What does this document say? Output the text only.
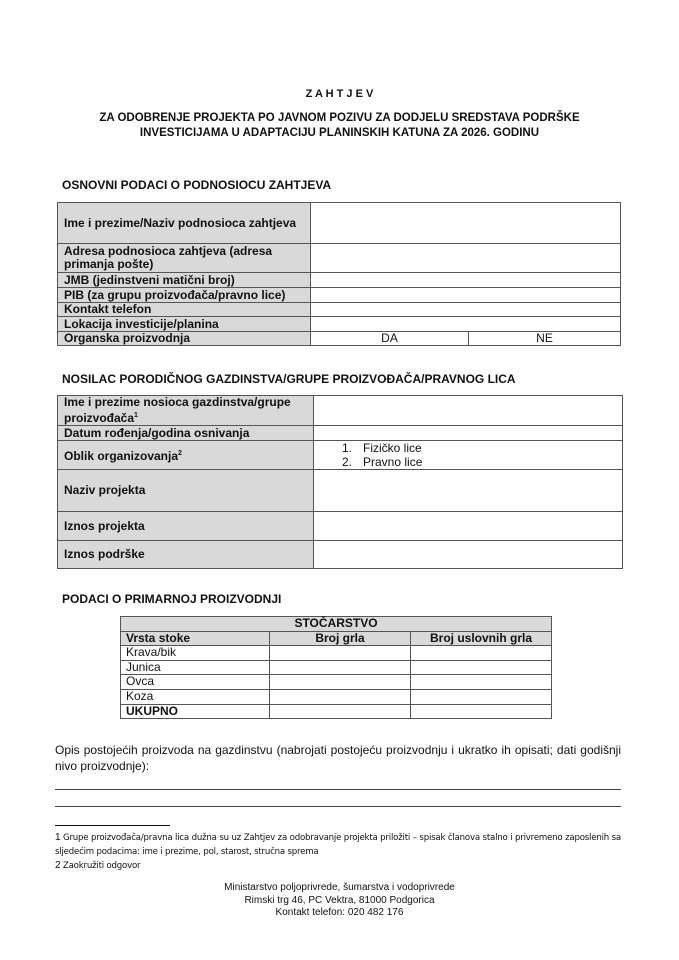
Z A H T J E V
ZA ODOBRENJE PROJEKTA PO JAVNOM POZIVU ZA DODJELU SREDSTAVA PODRŠKE
INVESTICIJAMA U ADAPTACIJU PLANINSKIH KATUNA ZA 2026. GODINU
OSNOVNI PODACI O PODNOSIOCU ZAHTJEVA
Ime i prezime/Naziv podnosioca zahtjeva		
Adresa podnosioca zahtjeva (adresa primanja pošte)		
JMB (jedinstveni matični broj)		

PIB (za grupu proizvođača/pravno lice)		

Kontakt telefon		
Lokacija investicije/planina		
Organska proizvodnja	DA	NE
NOSILAC PORODIČNOG GAZDINSTVA/GRUPE PROIZVOĐAČA/PRAVNOG LICA
Ime i prezime nosioca gazdinstva/grupe proizvođača$^1$	
Datum rođenja/godina osnivanja	
Oblik organizovanja$^2$	1. Fizičko lice
2. Pravno lice

Naziv projekta	
Iznos projekta	
Iznos podrške	
PODACI O PRIMARNOJ PROIZVODNJI
STOČARSTVO		
Vrsta stoke	Broj grla	Broj uslovnih grla
Krava/bik		
Junica		
Ovca		
Koza		
UKUPNO		
Opis postojećih proizvoda na gazdinstvu (nabrojati postojeću proizvodnju i ukratko ih opisati; dati godišnji nivo proizvodnje):
1 Grupe proizvođača/pravna lica dužna su uz Zahtjev za odobravanje projekta priložiti – spisak članova stalno i privremeno zaposlenih sa sljedećim podacima: ime i prezime, pol, starost, stručna sprema
2 Zaokružiti odgovor
Ministarstvo poljoprivrede, šumarstva i vodoprivrede
Rimski trg 46, PC Vektra, 81000 Podgorica
Kontakt telefon: 020 482 176
